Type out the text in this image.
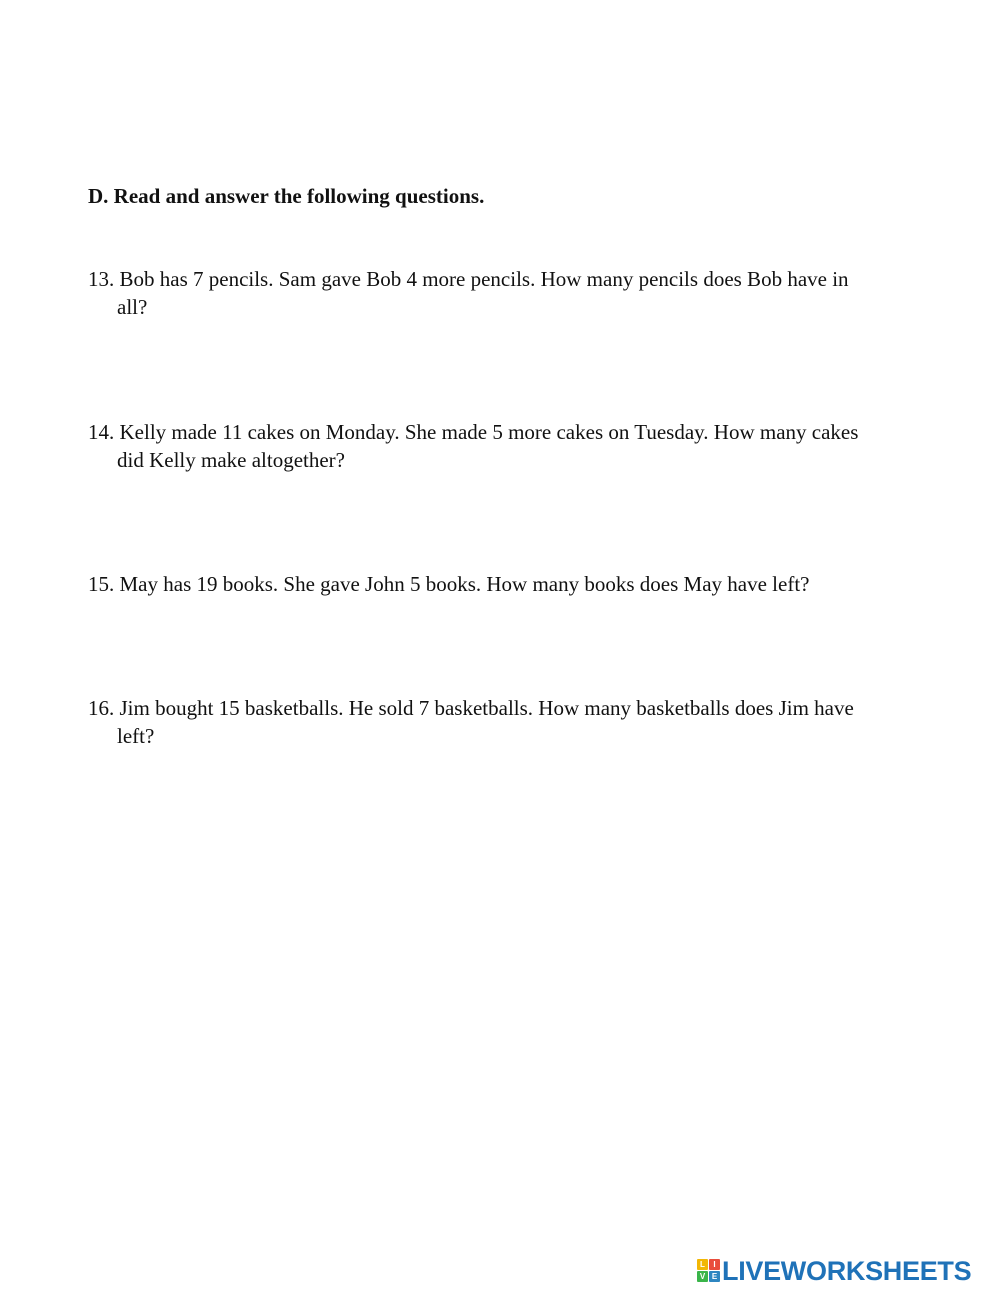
D. Read and answer the following questions.
13. Bob has 7 pencils. Sam gave Bob 4 more pencils. How many pencils does Bob have in
all?
14. Kelly made 11 cakes on Monday. She made 5 more cakes on Tuesday. How many cakes
did Kelly make altogether?
15. May has 19 books. She gave John 5 books. How many books does May have left?
16. Jim bought 15 basketballs. He sold 7 basketballs. How many basketballs does Jim have
left?
L	I
V E LIVEWORKSHEETS
